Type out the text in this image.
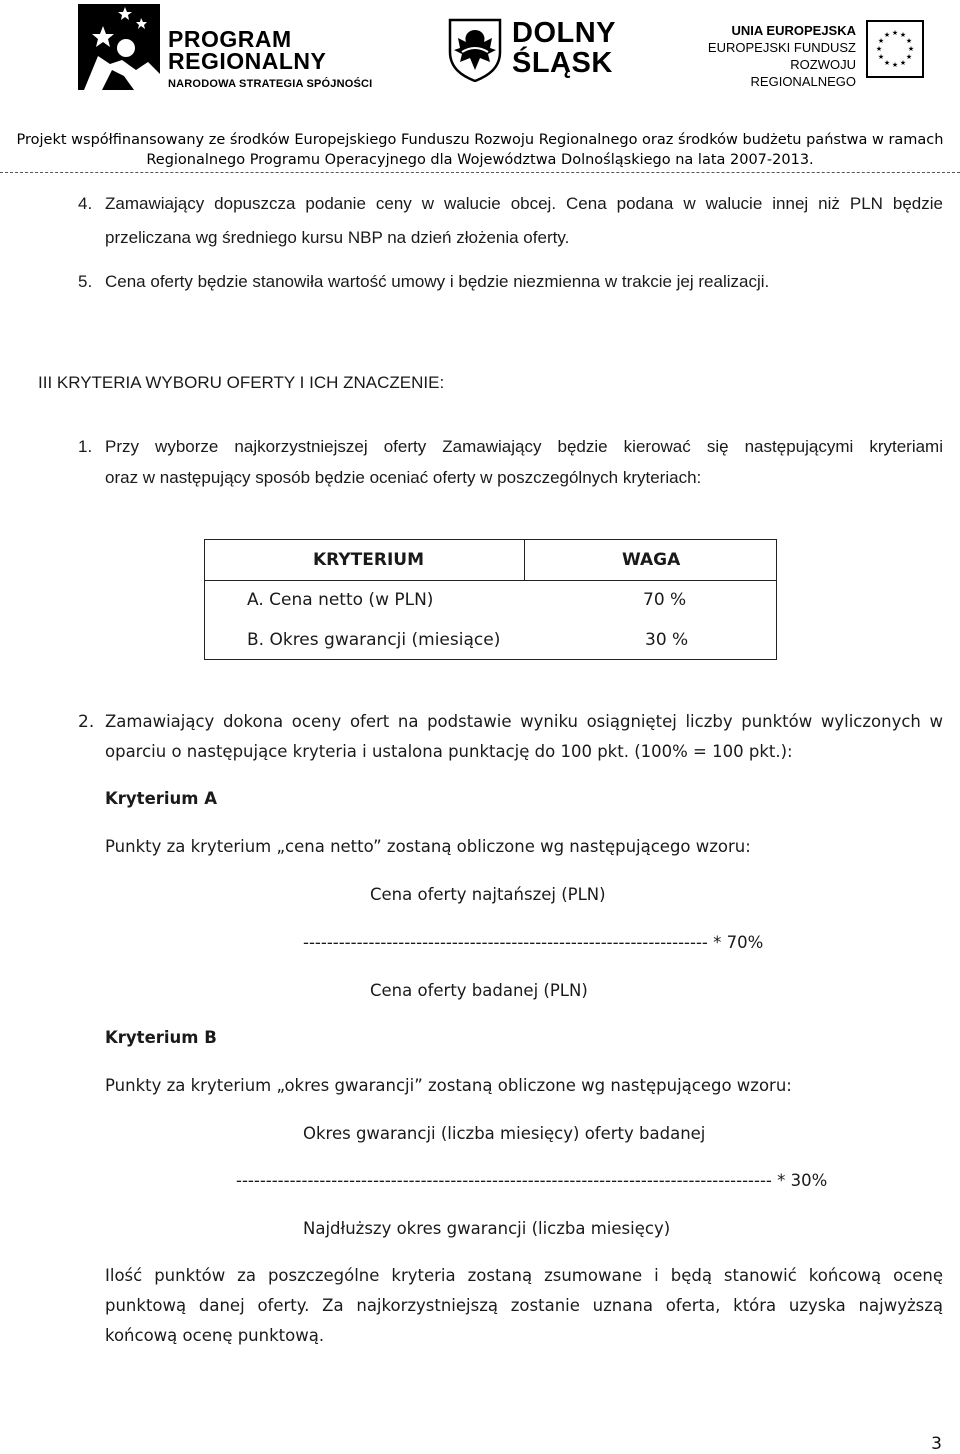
PROGRAM
REGIONALNY
NARODOWA STRATEGIA SPÓJNOŚCI
DOLNY
ŚLĄSK
UNIA EUROPEJSKA
EUROPEJSKI FUNDUSZ
ROZWOJU REGIONALNEGO
★ ★
★
★
★
★
★
★
★
★
★
★
Projekt współfinansowany ze środków Europejskiego Funduszu Rozwoju Regionalnego oraz środków budżetu państwa w ramach
Regionalnego Programu Operacyjnego dla Województwa Dolnośląskiego na lata 2007-2013.
4. Zamawiający dopuszcza podanie ceny w walucie obcej. Cena podana w walucie innej niż PLN będzie
przeliczana wg średniego kursu NBP na dzień złożenia oferty.
5. Cena oferty będzie stanowiła wartość umowy i będzie niezmienna w trakcie jej realizacji.
III KRYTERIA WYBORU OFERTY I ICH ZNACZENIE:
1. Przy wyborze najkorzystniejszej oferty Zamawiający będzie kierować się następującymi kryteriami
oraz w następujący sposób będzie oceniać oferty w poszczególnych kryteriach:
KRYTERIUM	WAGA
A. Cena netto (w PLN)	70 %
B. Okres gwarancji (miesiące)	30 %
2. Zamawiający dokona oceny ofert na podstawie wyniku osiągniętej liczby punktów wyliczonych w
oparciu o następujące kryteria i ustalona punktację do 100 pkt. (100% = 100 pkt.):
Kryterium A
Punkty za kryterium „cena netto” zostaną obliczone wg następującego wzoru:
Cena oferty najtańszej (PLN)
-------------------------------------------------------------------- * 70%
Cena oferty badanej (PLN)
Kryterium B
Punkty za kryterium „okres gwarancji” zostaną obliczone wg następującego wzoru:
Okres gwarancji (liczba miesięcy) oferty badanej
------------------------------------------------------------------------------------------ * 30%
Najdłuższy okres gwarancji (liczba miesięcy)
Ilość punktów za poszczególne kryteria zostaną zsumowane i będą stanowić końcową ocenę
punktową danej oferty. Za najkorzystniejszą zostanie uznana oferta, która uzyska najwyższą
końcową ocenę punktową.
3
